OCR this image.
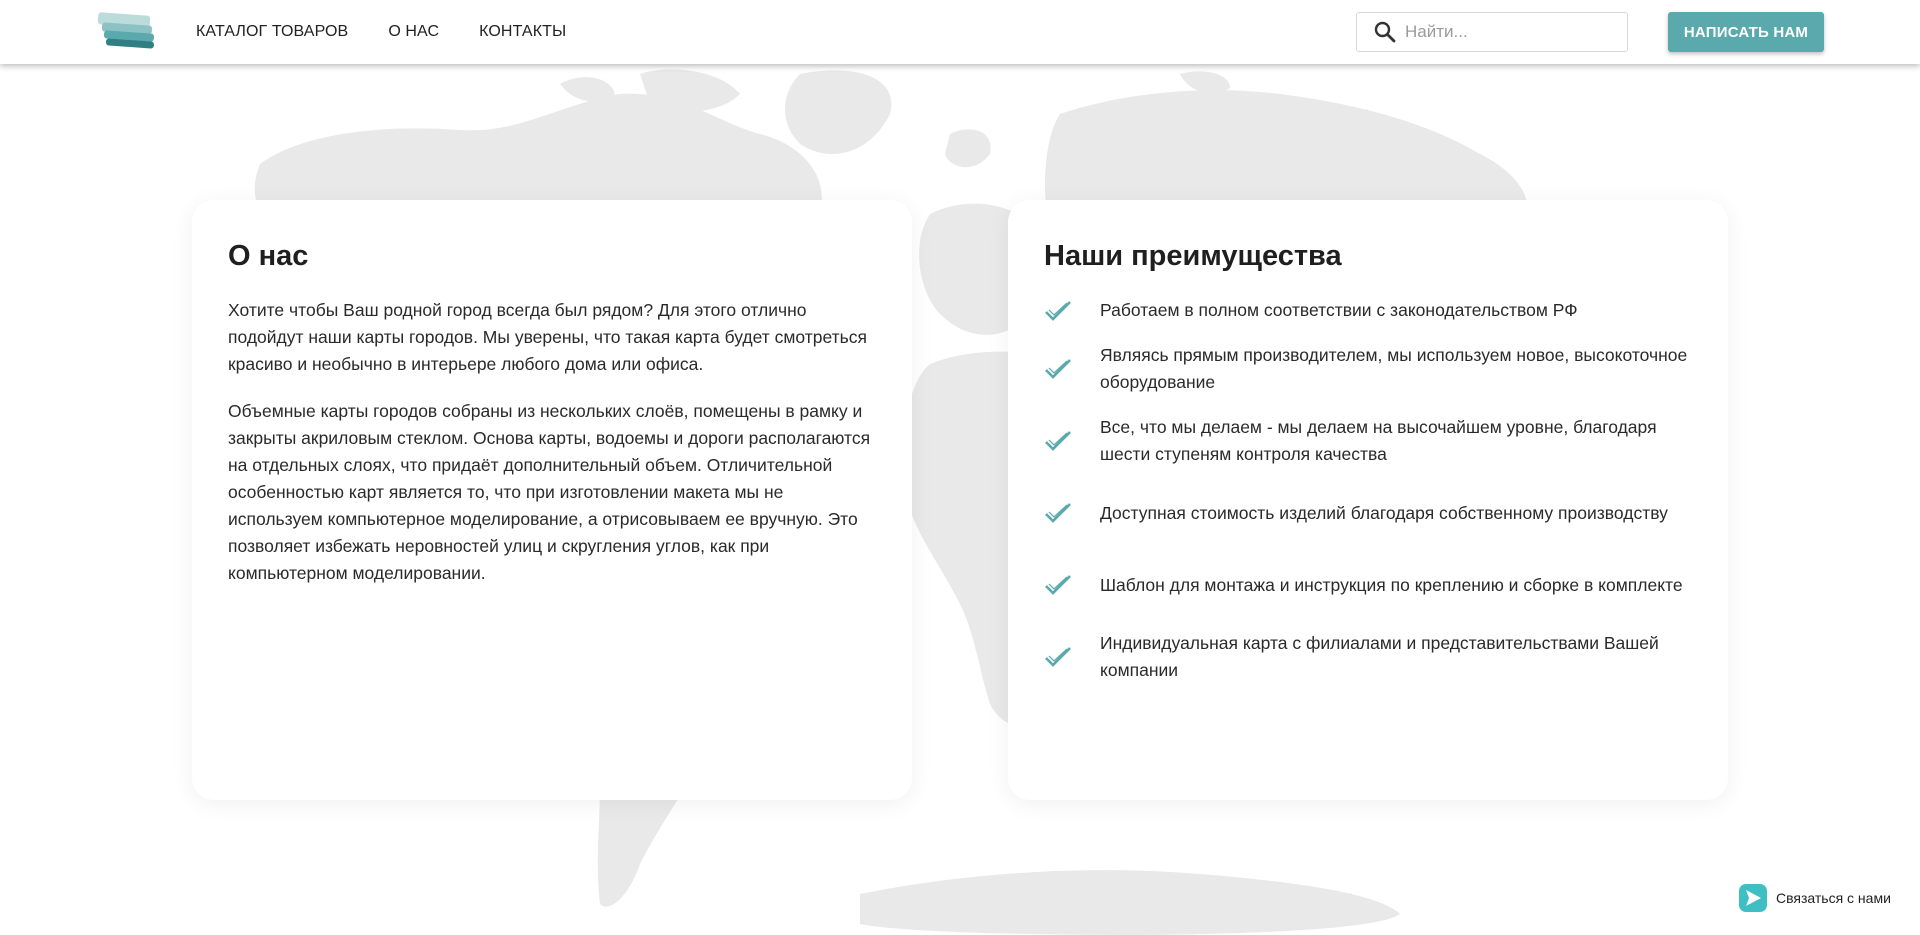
КАТАЛОГ ТОВАРОВ	О НАС	КОНТАКТЫ
Найти...	НАПИСАТЬ НАМ
О нас

Хотите чтобы Ваш родной город всегда был рядом? Для этого отлично подойдут наши карты городов. Мы уверены, что такая карта будет смотреться красиво и необычно в интерьере любого дома или офиса.

Объемные карты городов собраны из нескольких слоёв, помещены в рамку и закрыты акриловым стеклом. Основа карты, водоемы и дороги располагаются на отдельных слоях, что придаёт дополнительный объем. Отличительной особенностью карт является то, что при изготовлении макета мы не используем компьютерное моделирование, а отрисовываем ее вручную. Это позволяет избежать неровностей улиц и скругления углов, как при компьютерном моделировании.

Наши преимущества
Работаем в полном соответствии с законодательством РФ
Являясь прямым производителем, мы используем новое, высокоточное оборудование
Все, что мы делаем - мы делаем на высочайшем уровне, благодаря шести ступеням контроля качества
Доступная стоимость изделий благодаря собственному производству
Шаблон для монтажа и инструкция по креплению и сборке в комплекте
Индивидуальная карта с филиалами и представительствами Вашей компании
Связаться с нами
